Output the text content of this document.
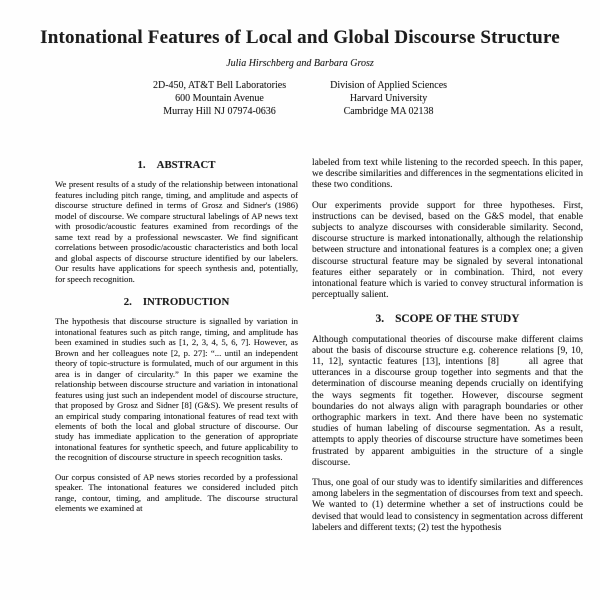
Intonational Features of Local and Global Discourse Structure
Julia Hirschberg and Barbara Grosz
2D-450, AT&T Bell Laboratories
600 Mountain Avenue
Murray Hill NJ 07974-0636
Division of Applied Sciences
Harvard University
Cambridge MA 02138
1. ABSTRACT

We present results of a study of the relationship between intonational features including pitch range, timing, and amplitude and aspects of discourse structure defined in terms of Grosz and Sidner's (1986) model of discourse. We compare structural labelings of AP news text with prosodic/acoustic features examined from recordings of the same text read by a professional newscaster. We find significant correlations between prosodic/acoustic characteristics and both local and global aspects of discourse structure identified by our labelers. Our results have applications for speech synthesis and, potentially, for speech recognition.

2. INTRODUCTION

The hypothesis that discourse structure is signalled by variation in intonational features such as pitch range, timing, and amplitude has been examined in studies such as [1, 2, 3, 4, 5, 6, 7]. However, as Brown and her colleagues note [2, p. 27]: “... until an independent theory of topic-structure is formulated, much of our argument in this area is in danger of circularity.” In this paper we examine the relationship between discourse structure and variation in intonational features using just such an independent model of discourse structure, that proposed by Grosz and Sidner [8] (G&S). We present results of an empirical study comparing intonational features of read text with elements of both the local and global structure of discourse. Our study has immediate application to the generation of appropriate intonational features for synthetic speech, and future applicability to the recognition of discourse structure in speech recognition tasks.

Our corpus consisted of AP news stories recorded by a professional speaker. The intonational features we considered included pitch range, contour, timing, and amplitude. The discourse structural elements we examined at

labeled from text while listening to the recorded speech. In this paper, we describe similarities and differences in the segmentations elicited in these two conditions.

Our experiments provide support for three hypotheses. First, instructions can be devised, based on the G&S model, that enable subjects to analyze discourses with considerable similarity. Second, discourse structure is marked intonationally, although the relationship between structure and intonational features is a complex one; a given discourse structural feature may be signaled by several intonational features either separately or in combination. Third, not every intonational feature which is varied to convey structural information is perceptually salient.

3. SCOPE OF THE STUDY

Although computational theories of discourse make different claims about the basis of discourse structure e.g. coherence relations [9, 10, 11, 12], syntactic features [13], intentions [8]      all agree that utterances in a discourse group together into segments and that the determination of discourse meaning depends crucially on identifying the ways segments fit together. However, discourse segment boundaries do not always align with paragraph boundaries or other orthographic markers in text. And there have been no systematic studies of human labeling of discourse segmentation. As a result, attempts to apply theories of discourse structure have sometimes been frustrated by apparent ambiguities in the structure of a single discourse.

Thus, one goal of our study was to identify similarities and differences among labelers in the segmentation of discourses from text and speech. We wanted to (1) determine whether a set of instructions could be devised that would lead to consistency in segmentation across different labelers and different texts; (2) test the hypothesis
